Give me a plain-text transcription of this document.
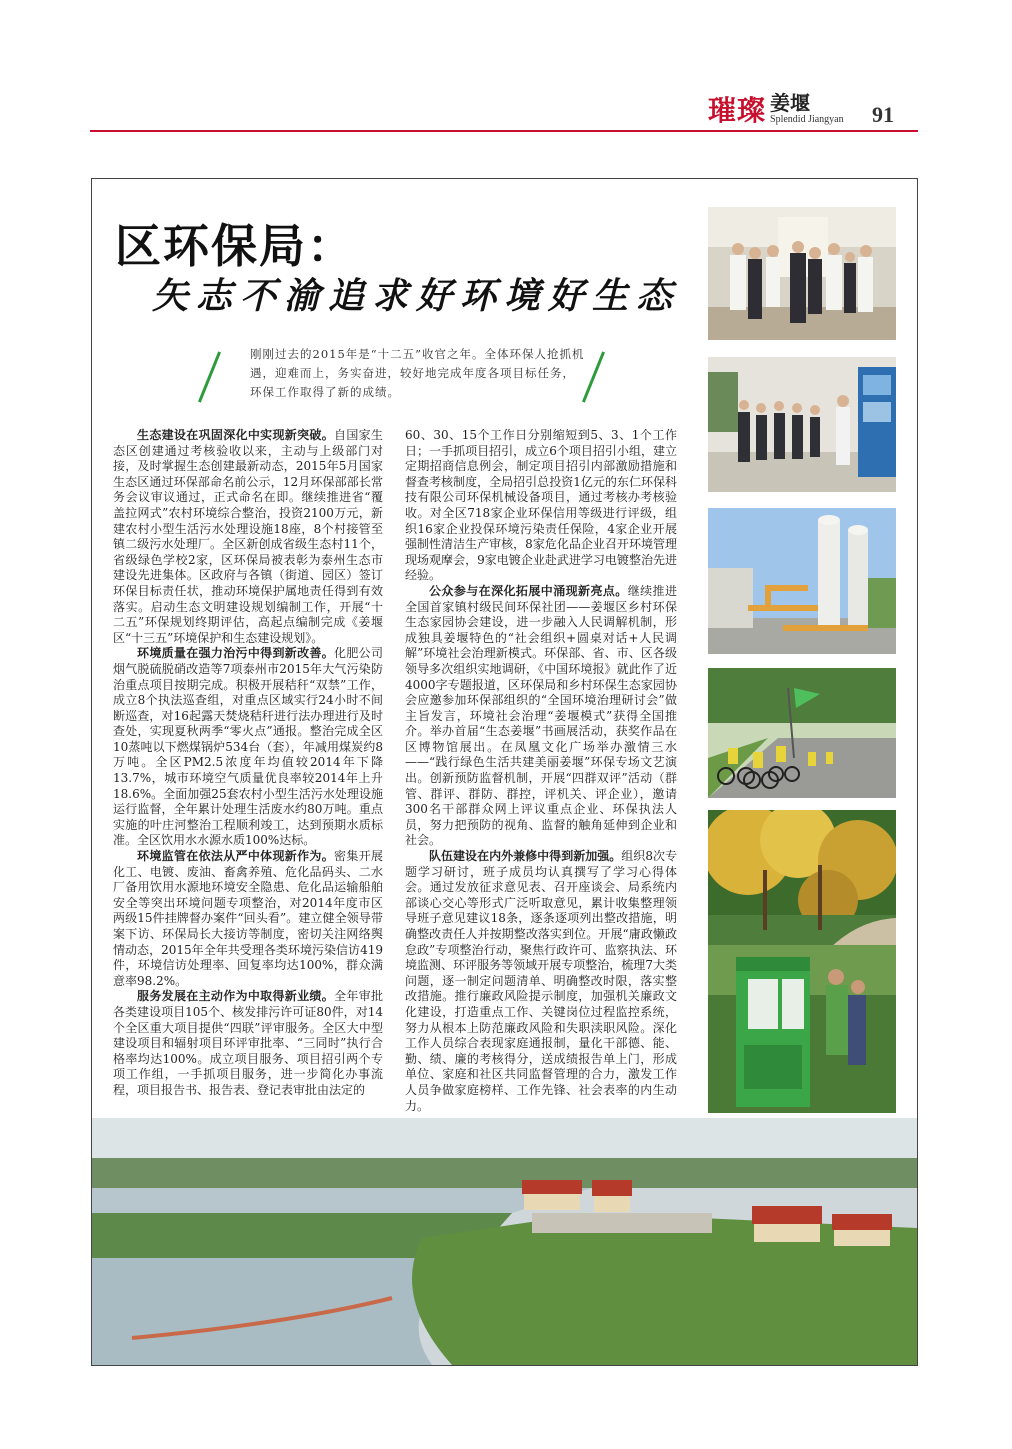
璀璨 姜堰
Splendid Jiangyan 91
区环保局：
矢志不渝追求好环境好生态
刚刚过去的2015年是“十二五”收官之年。全体环保人抢抓机遇，迎难而上，务实奋进，较好地完成年度各项目标任务，环保工作取得了新的成绩。

生态建设在巩固深化中实现新突破。自国家生态区创建通过考核验收以来，主动与上级部门对接，及时掌握生态创建最新动态，2015年5月国家生态区通过环保部命名前公示，12月环保部部长常务会议审议通过，正式命名在即。继续推进省“覆盖拉网式”农村环境综合整治，投资2100万元，新建农村小型生活污水处理设施18座，8个村接管至镇二级污水处理厂。全区新创成省级生态村11个，省级绿色学校2家，区环保局被表彰为泰州生态市建设先进集体。区政府与各镇（街道、园区）签订环保目标责任状，推动环境保护属地责任得到有效落实。启动生态文明建设规划编制工作，开展“十二五”环保规划终期评估，高起点编制完成《姜堰区“十三五”环境保护和生态建设规划》。

环境质量在强力治污中得到新改善。化肥公司烟气脱硫脱硝改造等7项泰州市2015年大气污染防治重点项目按期完成。积极开展秸秆“双禁”工作，成立8个执法巡查组，对重点区域实行24小时不间断巡查，对16起露天焚烧秸秆进行法办理进行及时查处，实现夏秋两季“零火点”通报。整治完成全区10蒸吨以下燃煤锅炉534台（套），年减用煤炭约8万吨。全区PM2.5浓度年均值较2014年下降13.7%，城市环境空气质量优良率较2014年上升18.6%。全面加强25套农村小型生活污水处理设施运行监督，全年累计处理生活废水约80万吨。重点实施的叶庄河整治工程顺利竣工，达到预期水质标准。全区饮用水水源水质100%达标。

环境监管在依法从严中体现新作为。密集开展化工、电镀、废油、畜禽养殖、危化品码头、二水厂备用饮用水源地环境安全隐患、危化品运输船舶安全等突出环境问题专项整治，对2014年度市区两级15件挂牌督办案件“回头看”。建立健全领导带案下访、环保局长大接访等制度，密切关注网络舆情动态，2015年全年共受理各类环境污染信访419件，环境信访处理率、回复率均达100%，群众满意率98.2%。

服务发展在主动作为中取得新业绩。全年审批各类建设项目105个、核发排污许可证80件，对14个全区重大项目提供“四联”评审服务。全区大中型建设项目和辐射项目环评审批率、“三同时”执行合格率均达100%。成立项目服务、项目招引两个专项工作组，一手抓项目服务，进一步简化办事流程，项目报告书、报告表、登记表审批由法定的

60、30、15个工作日分别缩短到5、3、1个工作日；一手抓项目招引，成立6个项目招引小组，建立定期招商信息例会，制定项目招引内部激励措施和督查考核制度，全局招引总投资1亿元的东仁环保科技有限公司环保机械设备项目，通过考核办考核验收。对全区718家企业环保信用等级进行评级，组织16家企业投保环境污染责任保险，4家企业开展强制性清洁生产审核，8家危化品企业召开环境管理现场观摩会，9家电镀企业赴武进学习电镀整治先进经验。

公众参与在深化拓展中涌现新亮点。继续推进全国首家镇村级民间环保社团——姜堰区乡村环保生态家园协会建设，进一步融入人民调解机制，形成独具姜堰特色的“社会组织+圆桌对话+人民调解”环境社会治理新模式。环保部、省、市、区各级领导多次组织实地调研，《中国环境报》就此作了近4000字专题报道，区环保局和乡村环保生态家园协会应邀参加环保部组织的“全国环境治理研讨会”做主旨发言，环境社会治理“姜堰模式”获得全国推介。举办首届“生态姜堰”书画展活动，获奖作品在区博物馆展出。在凤凰文化广场举办激情三水——“践行绿色生活共建美丽姜堰”环保专场文艺演出。创新预防监督机制，开展“四群双评”活动（群管、群评、群防、群控，评机关、评企业），邀请300名干部群众网上评议重点企业、环保执法人员，努力把预防的视角、监督的触角延伸到企业和社会。

队伍建设在内外兼修中得到新加强。组织8次专题学习研讨，班子成员均认真撰写了学习心得体会。通过发放征求意见表、召开座谈会、局系统内部谈心交心等形式广泛听取意见，累计收集整理领导班子意见建议18条，逐条逐项列出整改措施，明确整改责任人并按期整改落实到位。开展“庸政懒政怠政”专项整治行动，聚焦行政许可、监察执法、环境监测、环评服务等领域开展专项整治，梳理7大类问题，逐一制定问题清单、明确整改时限，落实整改措施。推行廉政风险提示制度，加强机关廉政文化建设，打造重点工作、关键岗位过程监控系统，努力从根本上防范廉政风险和失职渎职风险。深化工作人员综合表现家庭通报制，量化干部德、能、勤、绩、廉的考核得分，送成绩报告单上门，形成单位、家庭和社区共同监督管理的合力，激发工作人员争做家庭榜样、工作先锋、社会表率的内生动力。
